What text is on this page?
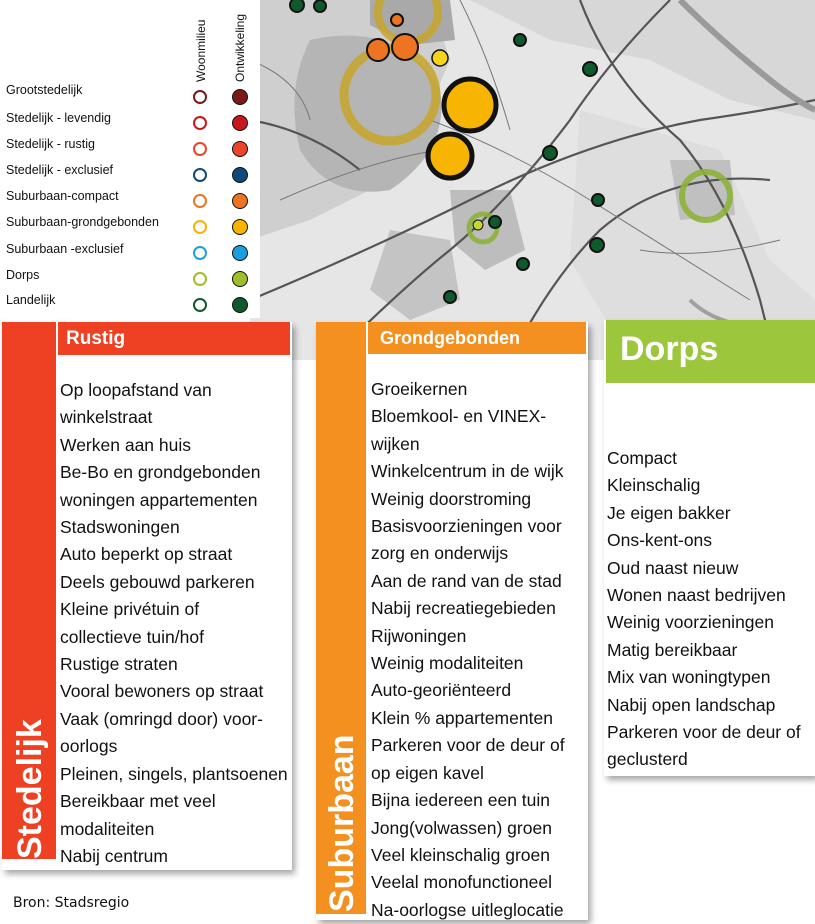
Woonmilieu Ontwikkeling
Grootstedelijk
Stedelijk - levendig
Stedelijk - rustig
Stedelijk - exclusief
Suburbaan-compact
Suburbaan-grondgebonden
Suburbaan -exclusief
Dorps
Landelijk
Stedelijk
Rustig
Op loopafstand van
winkelstraat
Werken aan huis
Be-Bo en grondgebonden
woningen appartementen
Stadswoningen
Auto beperkt op straat
Deels gebouwd parkeren
Kleine privétuin of
collectieve tuin/hof
Rustige straten
Vooral bewoners op straat
Vaak (omringd door) voor-
oorlogs
Pleinen, singels, plantsoenen
Bereikbaar met veel
modaliteiten
Nabij centrum	Suburbaan
Grondgebonden
Groeikernen
Bloemkool- en VINEX-
wijken
Winkelcentrum in de wijk
Weinig doorstroming
Basisvoorzieningen voor
zorg en onderwijs
Aan de rand van de stad
Nabij recreatiegebieden
Rijwoningen
Weinig modaliteiten
Auto-georiënteerd
Klein % appartementen
Parkeren voor de deur of
op eigen kavel
Bijna iedereen een tuin
Jong(volwassen) groen
Veel kleinschalig groen
Veelal monofunctioneel
Na-oorlogse uitleglocatie
Dorps
Compact
Kleinschalig
Je eigen bakker
Ons-kent-ons
Oud naast nieuw
Wonen naast bedrijven
Weinig voorzieningen
Matig bereikbaar
Mix van woningtypen
Nabij open landschap
Parkeren voor de deur of
geclusterd
Bron: Stadsregio
